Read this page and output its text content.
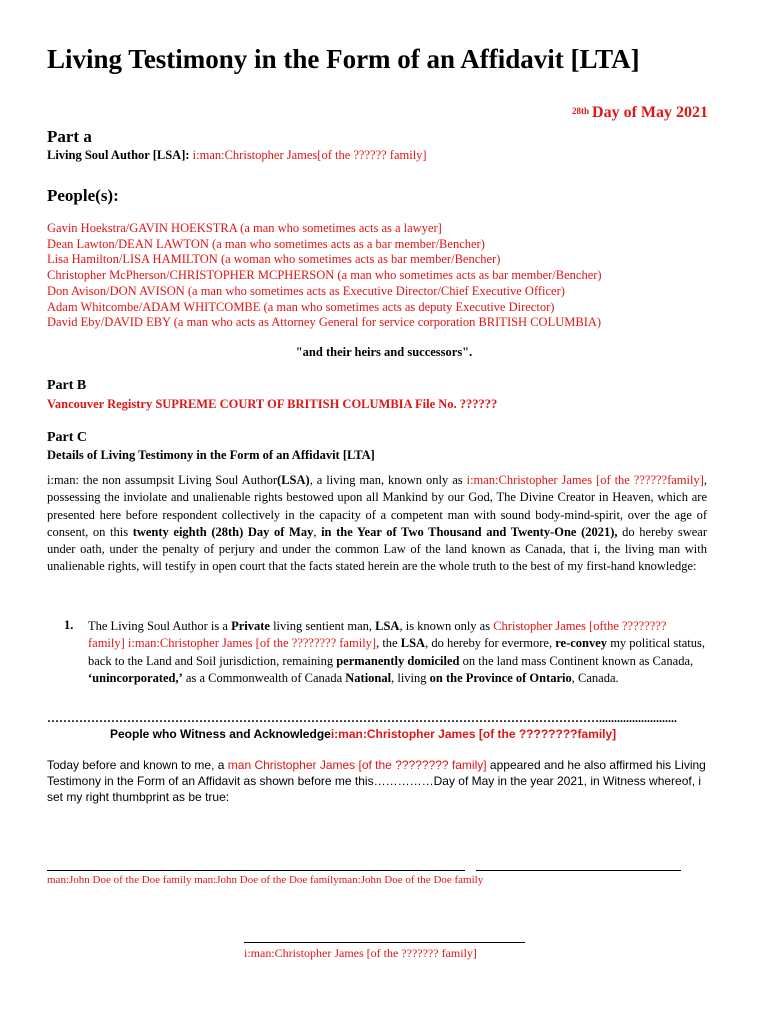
Living Testimony in the Form of an Affidavit [LTA]
$^{28th}$ Day of May 2021
Part a
Living Soul Author [LSA]: i:man:Christopher James[of the ?????? family]
People(s):
Gavin Hoekstra/GAVIN HOEKSTRA (a man who sometimes acts as a lawyer]
Dean Lawton/DEAN LAWTON (a man who sometimes acts as a bar member/Bencher)
Lisa Hamilton/LISA HAMILTON (a woman who sometimes acts as bar member/Bencher)
Christopher McPherson/CHRISTOPHER MCPHERSON (a man who sometimes acts as bar member/Bencher)
Don Avison/DON AVISON (a man who sometimes acts as Executive Director/Chief Executive Officer)
Adam Whitcombe/ADAM WHITCOMBE (a man who sometimes acts as deputy Executive Director)
David Eby/DAVID EBY (a man who acts as Attorney General for service corporation BRITISH COLUMBIA)
"and their heirs and successors".
Part B
Vancouver Registry SUPREME COURT OF BRITISH COLUMBIA File No. ??????
Part C
Details of Living Testimony in the Form of an Affidavit [LTA]
i:man: the non assumpsit Living Soul Author(LSA), a living man, known only as i:man:Christopher James [of the ??????family], possessing the inviolate and unalienable rights bestowed upon all Mankind by our God, The Divine Creator in Heaven, which are presented here before respondent collectively in the capacity of a competent man with sound body-mind-spirit, over the age of consent, on this twenty eighth (28th) Day of May, in the Year of Two Thousand and Twenty-One (2021), do hereby swear under oath, under the penalty of perjury and under the common Law of the land known as Canada, that i, the living man with unalienable rights, will testify in open court that the facts stated herein are the whole truth to the best of my first-hand knowledge:
1. The Living Soul Author is a Private living sentient man, LSA, is known only as Christopher James [ofthe ???????? family] i:man:Christopher James [of the ???????? family], the LSA, do hereby for evermore, re-convey my political status, back to the Land and Soil jurisdiction, remaining permanently domiciled on the land mass Continent known as Canada, ‘unincorporated,’ as a Commonwealth of Canada National, living on the Province of Ontario, Canada.
…………………………………………………………………………………………………………………………..........................
People who Witness and Acknowledgei:man:Christopher James [of the ????????family]
Today before and known to me, a man Christopher James [of the ???????? family] appeared and he also affirmed his Living Testimony in the Form of an Affidavit as shown before me this……………Day of May in the year 2021, in Witness whereof, i set my right thumbprint as be true:
man:John Doe of the Doe family man:John Doe of the Doe familyman:John Doe of the Doe family
i:man:Christopher James [of the ??????? family]
